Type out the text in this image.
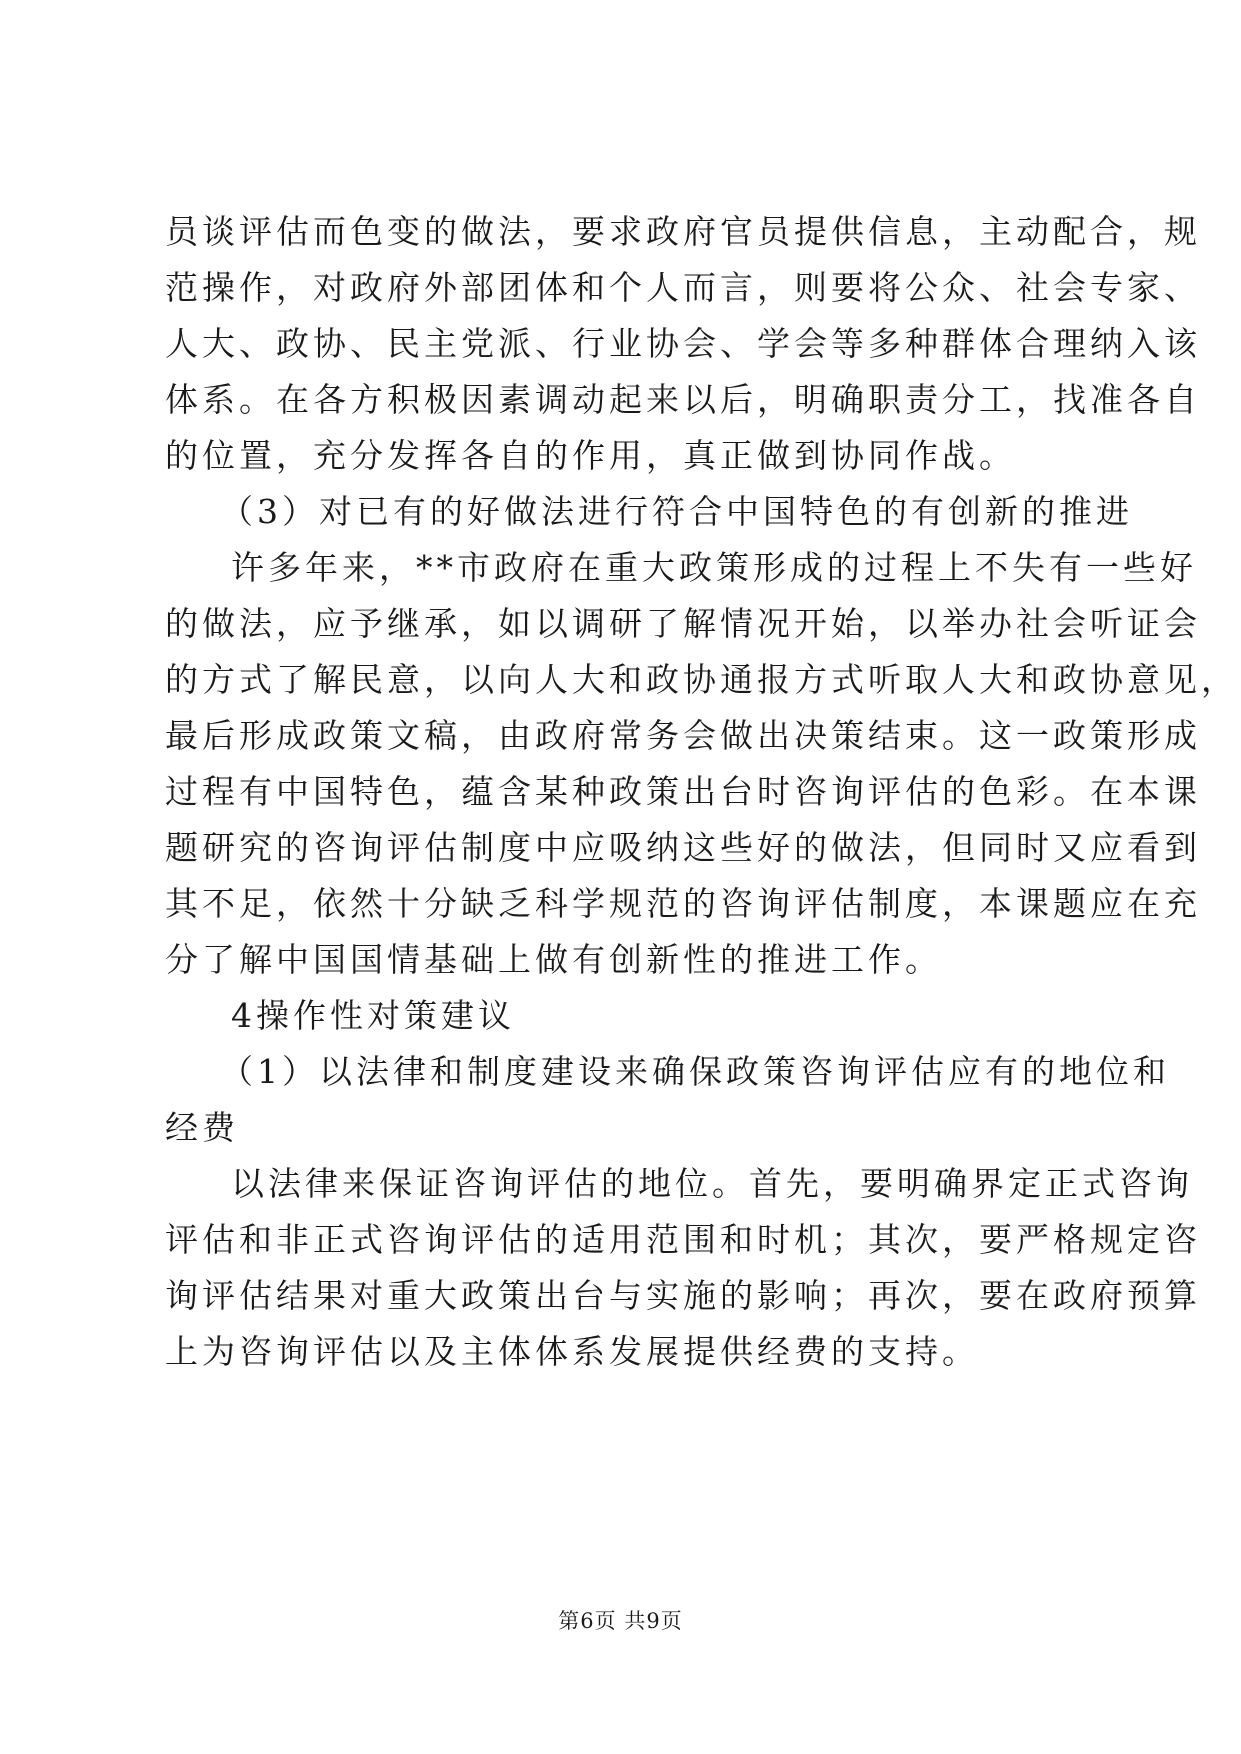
员谈评估而色变的做法，要求政府官员提供信息，主动配合，规
范操作，对政府外部团体和个人而言，则要将公众、社会专家、
人大、政协、民主党派、行业协会、学会等多种群体合理纳入该
体系。在各方积极因素调动起来以后，明确职责分工，找准各自
的位置，充分发挥各自的作用，真正做到协同作战。
（3）对已有的好做法进行符合中国特色的有创新的推进
许多年来，**市政府在重大政策形成的过程上不失有一些好
的做法，应予继承，如以调研了解情况开始，以举办社会听证会
的方式了解民意，以向人大和政协通报方式听取人大和政协意见，
最后形成政策文稿，由政府常务会做出决策结束。这一政策形成
过程有中国特色，蕴含某种政策出台时咨询评估的色彩。在本课
题研究的咨询评估制度中应吸纳这些好的做法，但同时又应看到
其不足，依然十分缺乏科学规范的咨询评估制度，本课题应在充
分了解中国国情基础上做有创新性的推进工作。
4操作性对策建议
（1）以法律和制度建设来确保政策咨询评估应有的地位和
经费
以法律来保证咨询评估的地位。首先，要明确界定正式咨询
评估和非正式咨询评估的适用范围和时机；其次，要严格规定咨
询评估结果对重大政策出台与实施的影响；再次，要在政府预算
上为咨询评估以及主体体系发展提供经费的支持。
第6页 共9页
